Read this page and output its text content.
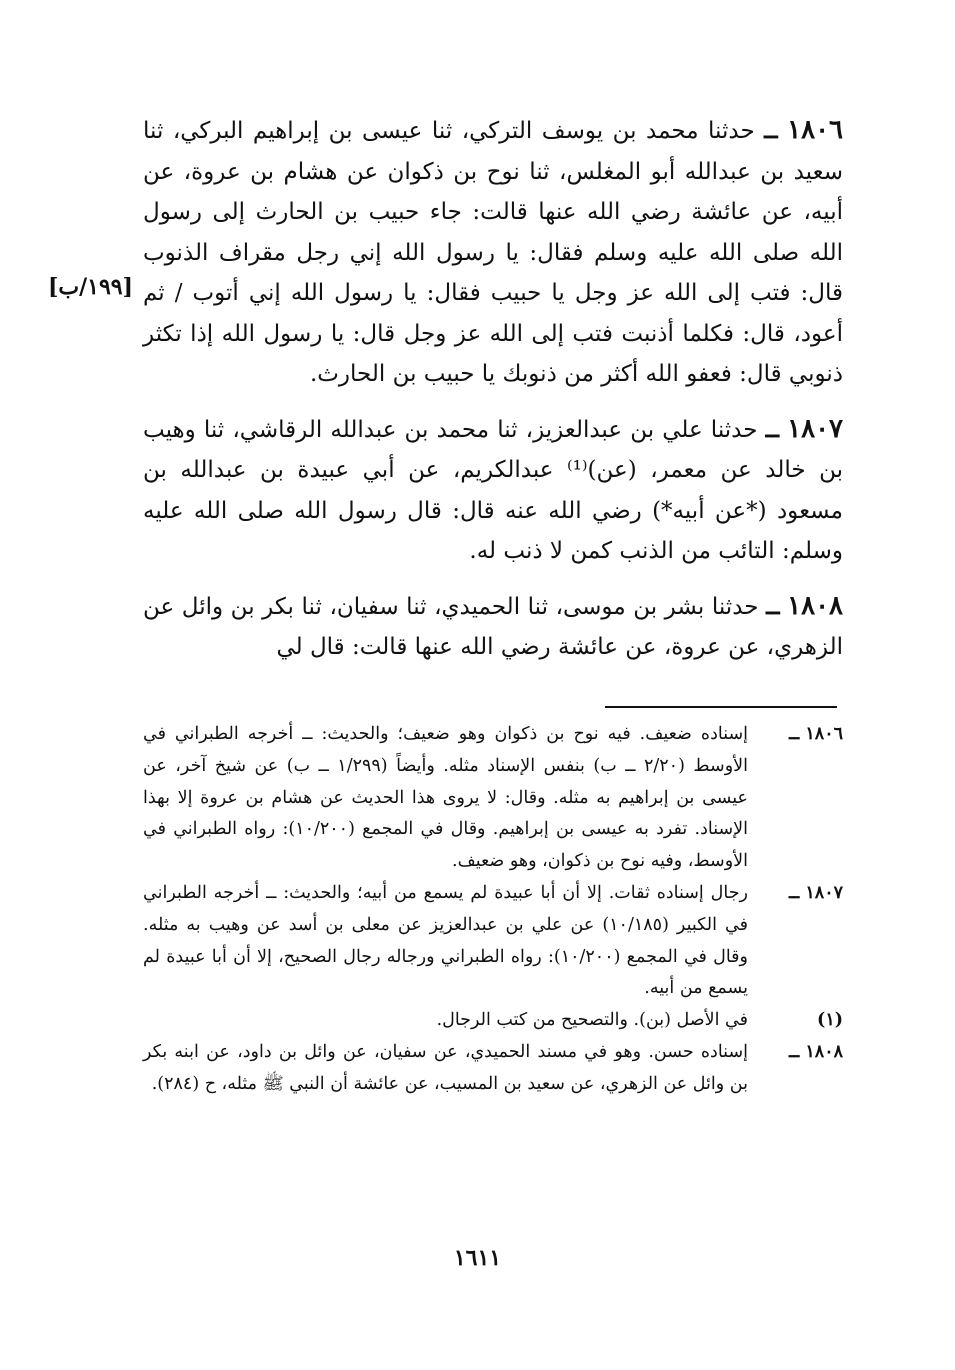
١٨٠٦ ــ حدثنا محمد بن يوسف التركي، ثنا عيسى بن إبراهيم البركي، ثنا سعيد بن عبدالله أبو المغلس، ثنا نوح بن ذكوان عن هشام بن عروة، عن أبيه، عن عائشة رضي الله عنها قالت: جاء حبيب بن الحارث إلى رسول الله صلى الله عليه وسلم فقال: يا رسول الله إني رجل مقراف الذنوب قال: فتب إلى الله عز وجل يا حبيب فقال: يا رسول الله إني أتوب / ثم أعود، قال: فكلما أذنبت فتب إلى الله عز وجل قال: يا رسول الله إذا تكثر ذنوبي قال: فعفو الله أكثر من ذنوبك يا حبيب بن الحارث.

١٨٠٧ ــ حدثنا علي بن عبدالعزيز، ثنا محمد بن عبدالله الرقاشي، ثنا وهيب بن خالد عن معمر، (عن)⁽¹⁾ عبدالكريم، عن أبي عبيدة بن عبدالله بن مسعود (*عن أبيه*) رضي الله عنه قال: قال رسول الله صلى الله عليه وسلم: التائب من الذنب كمن لا ذنب له.

١٨٠٨ ــ حدثنا بشر بن موسى، ثنا الحميدي، ثنا سفيان، ثنا بكر بن وائل عن الزهري، عن عروة، عن عائشة رضي الله عنها قالت: قال لي

[١٩٩/ب]
١٨٠٦ ــ
إسناده ضعيف. فيه نوح بن ذكوان وهو ضعيف؛ والحديث: ــ أخرجه الطبراني في الأوسط (٢/٢٠ ــ ب) بنفس الإسناد مثله. وأيضاً (١/٢٩٩ ــ ب) عن شيخ آخر، عن عيسى بن إبراهيم به مثله. وقال: لا يروى هذا الحديث عن هشام بن عروة إلا بهذا الإسناد. تفرد به عيسى بن إبراهيم. وقال في المجمع (١٠/٢٠٠): رواه الطبراني في الأوسط، وفيه نوح بن ذكوان، وهو ضعيف.
١٨٠٧ ــ
رجال إسناده ثقات. إلا أن أبا عبيدة لم يسمع من أبيه؛ والحديث: ــ أخرجه الطبراني في الكبير (١٠/١٨٥) عن علي بن عبدالعزيز عن معلى بن أسد عن وهيب به مثله. وقال في المجمع (١٠/٢٠٠): رواه الطبراني ورجاله رجال الصحيح، إلا أن أبا عبيدة لم يسمع من أبيه.
(١)
في الأصل (بن). والتصحيح من كتب الرجال.
١٨٠٨ ــ
إسناده حسن. وهو في مسند الحميدي، عن سفيان، عن وائل بن داود، عن ابنه بكر بن وائل عن الزهري، عن سعيد بن المسيب، عن عائشة أن النبي ﷺ مثله، ح (٢٨٤).
١٦١١
